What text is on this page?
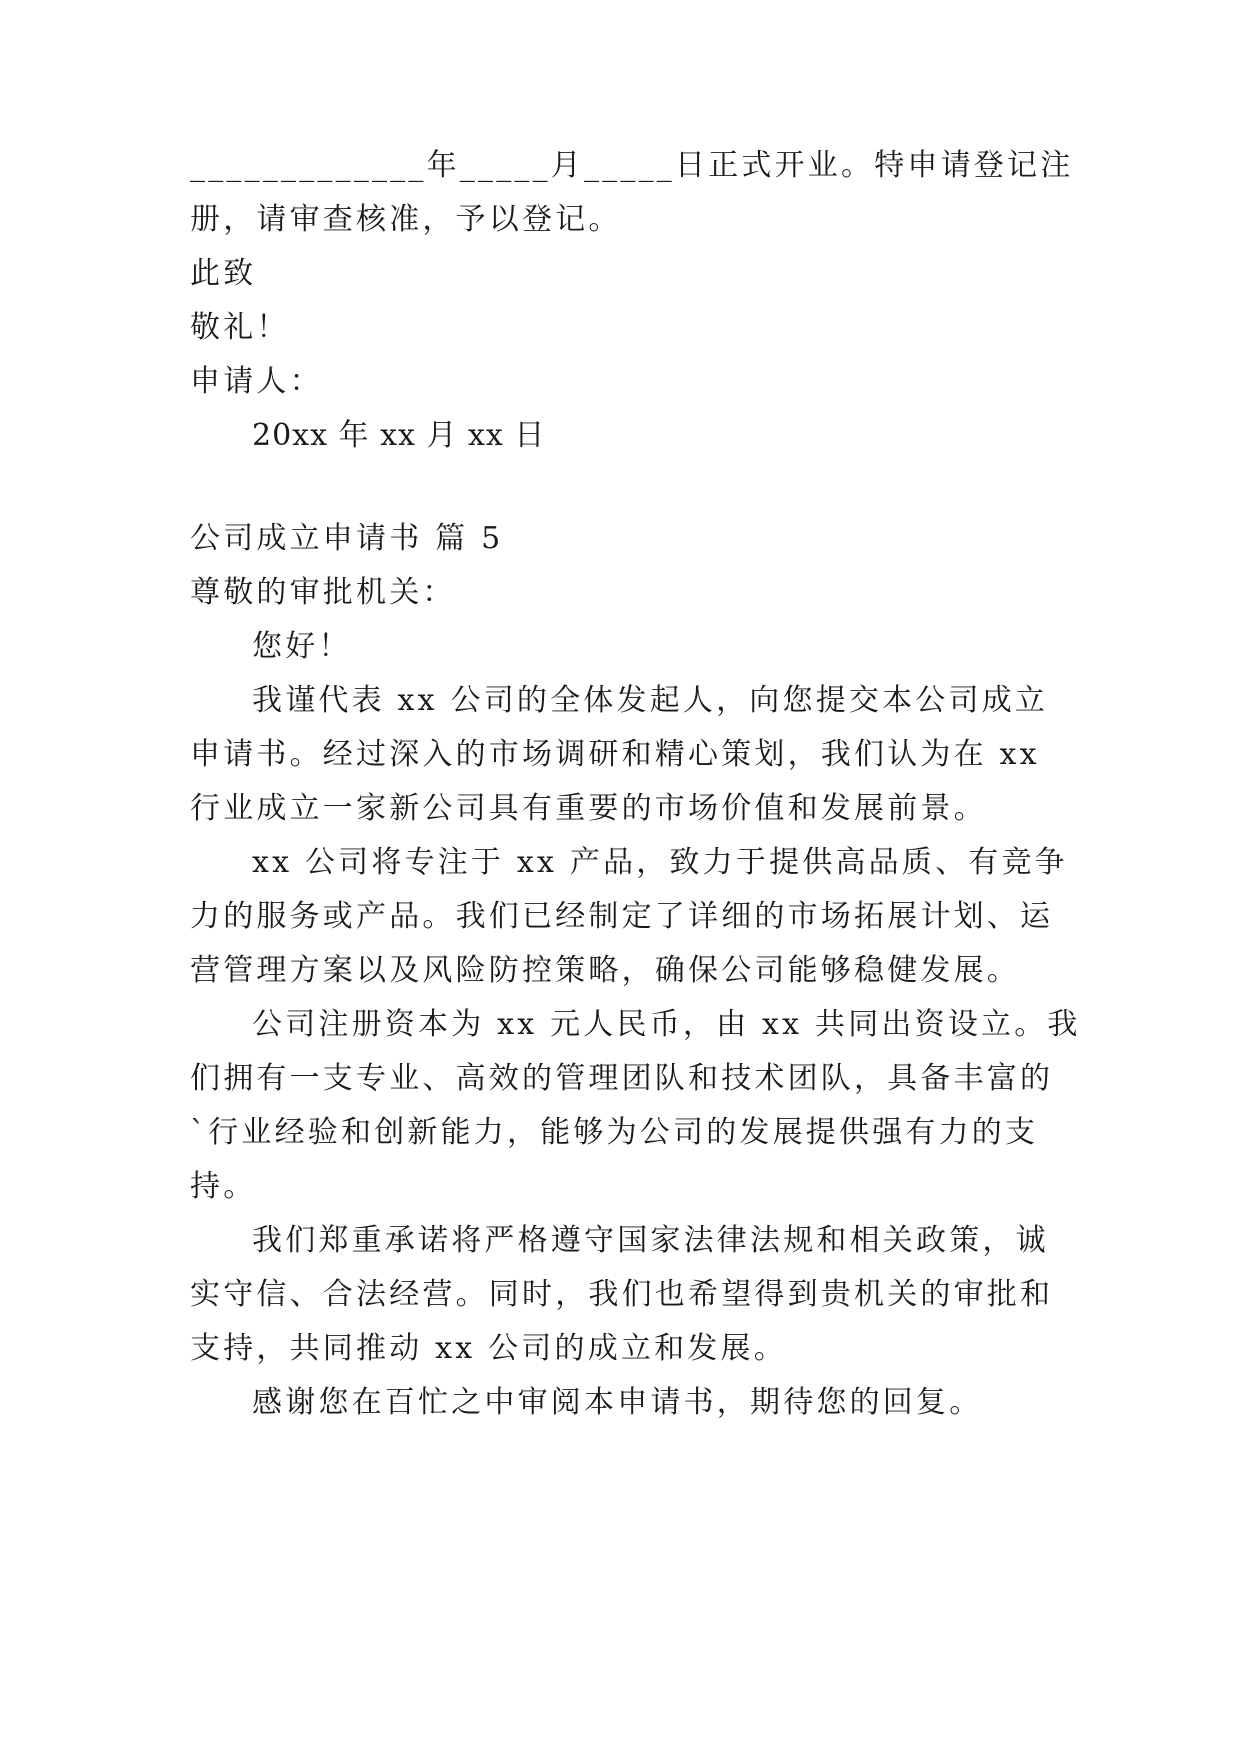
_____________年_____月_____日正式开业。特申请登记注
册，请审查核准，予以登记。
此致
敬礼！
申请人：
20xx 年 xx 月 xx 日
公司成立申请书 篇 5
尊敬的审批机关：
您好！
我谨代表 xx 公司的全体发起人，向您提交本公司成立
申请书。经过深入的市场调研和精心策划，我们认为在 xx
行业成立一家新公司具有重要的市场价值和发展前景。
xx 公司将专注于 xx 产品，致力于提供高品质、有竞争
力的服务或产品。我们已经制定了详细的市场拓展计划、运
营管理方案以及风险防控策略，确保公司能够稳健发展。
公司注册资本为 xx 元人民币，由 xx 共同出资设立。我
们拥有一支专业、高效的管理团队和技术团队，具备丰富的
`行业经验和创新能力，能够为公司的发展提供强有力的支
持。
我们郑重承诺将严格遵守国家法律法规和相关政策，诚
实守信、合法经营。同时，我们也希望得到贵机关的审批和
支持，共同推动 xx 公司的成立和发展。
感谢您在百忙之中审阅本申请书，期待您的回复。
